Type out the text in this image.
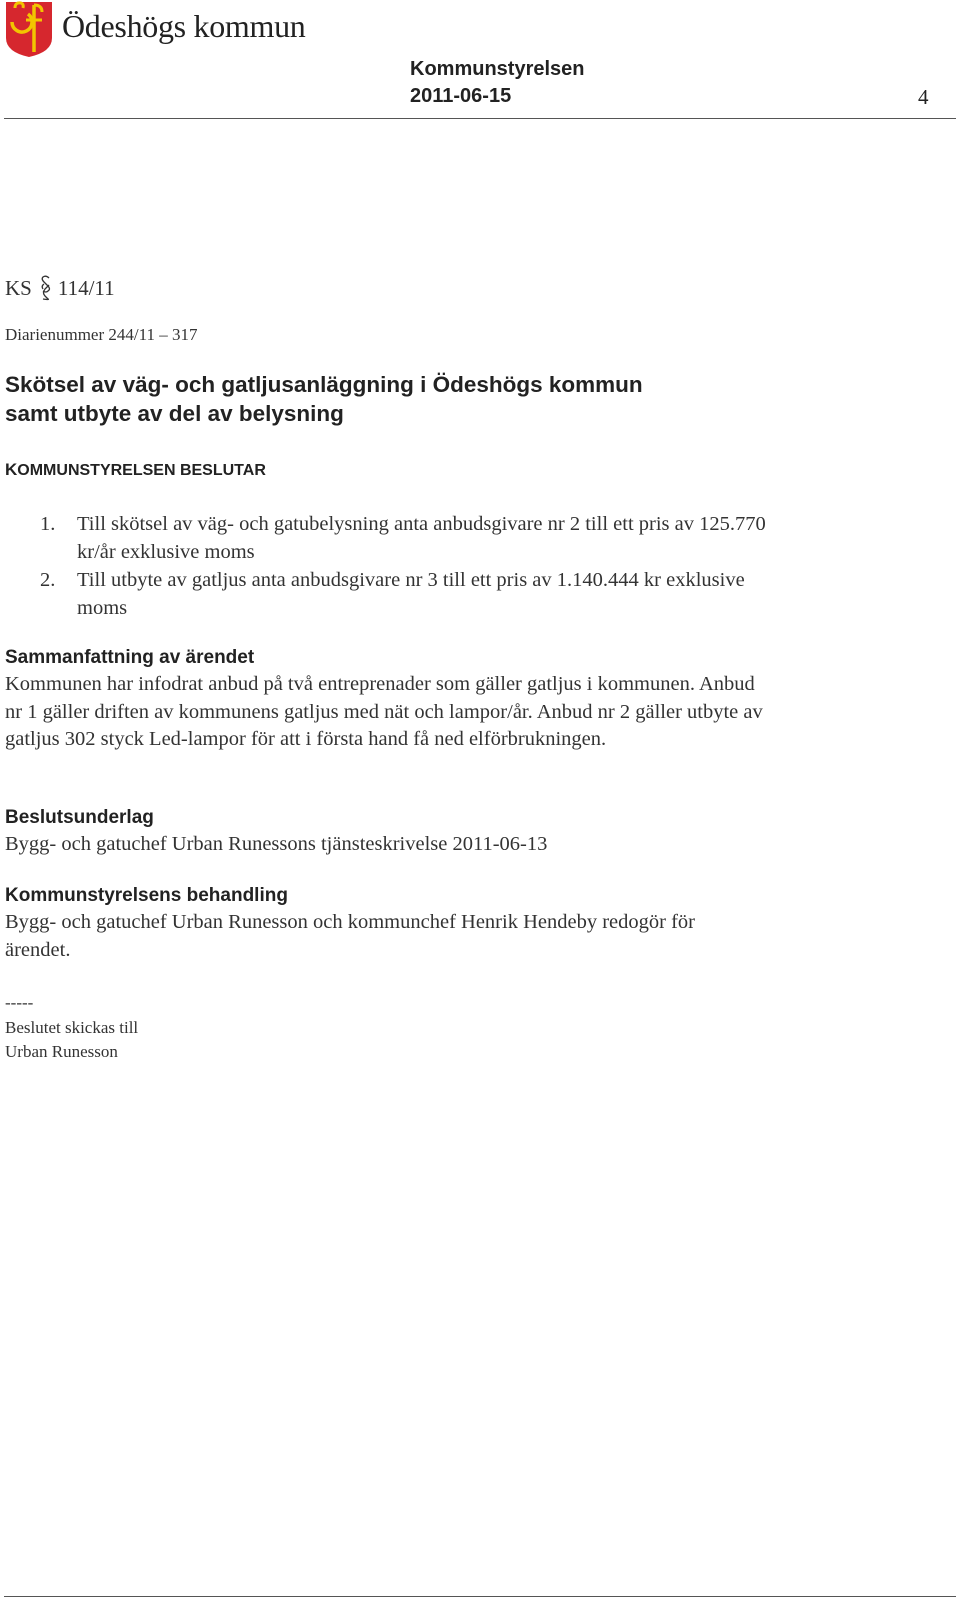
Ödeshögs kommun
Kommunstyrelsen
2011-06-15	4
KS 114/11
Diarienummer 244/11 – 317
Skötsel av väg- och gatljusanläggning i Ödeshögs kommun
samt utbyte av del av belysning
KOMMUNSTYRELSEN BESLUTAR
1. Till skötsel av väg- och gatubelysning anta anbudsgivare nr 2 till ett pris av 125.770 kr/år exklusive moms
2. Till utbyte av gatljus anta anbudsgivare nr 3 till ett pris av 1.140.444 kr exklusive moms
Sammanfattning av ärendet
Kommunen har infodrat anbud på två entreprenader som gäller gatljus i kommunen. Anbud nr 1 gäller driften av kommunens gatljus med nät och lampor/år. Anbud nr 2 gäller utbyte av gatljus 302 styck Led-lampor för att i första hand få ned elförbrukningen.
Beslutsunderlag
Bygg- och gatuchef Urban Runessons tjänsteskrivelse 2011-06-13
Kommunstyrelsens behandling
Bygg- och gatuchef Urban Runesson och kommunchef Henrik Hendeby redogör för ärendet.
-----
Beslutet skickas till
Urban Runesson
